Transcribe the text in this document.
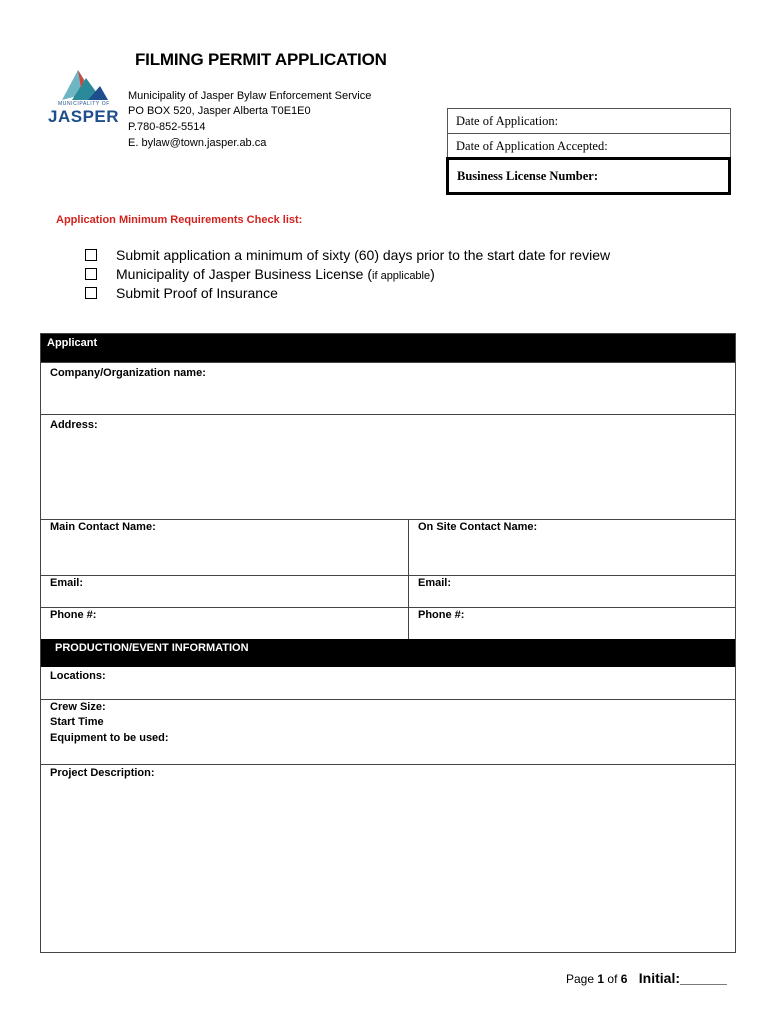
FILMING PERMIT APPLICATION
MUNICIPALITY OF
JASPER
Municipality of Jasper Bylaw Enforcement Service
PO BOX 520, Jasper Alberta T0E1E0
P.780-852-5514
E. bylaw@town.jasper.ab.ca
Date of Application:
Date of Application Accepted:
Business License Number:
Application Minimum Requirements Check list:
Submit application a minimum of sixty (60) days prior to the start date for review
Municipality of Jasper Business License (if applicable)
Submit Proof of Insurance
Applicant
Company/Organization name:
Address:
Main Contact Name:	On Site Contact Name:
Email:	Email:
Phone #:	Phone #:
PRODUCTION/EVENT INFORMATION
Locations:
Crew Size:
Start Time
Equipment to be used:
Project Description:
Page 1 of 6 Initial:______
